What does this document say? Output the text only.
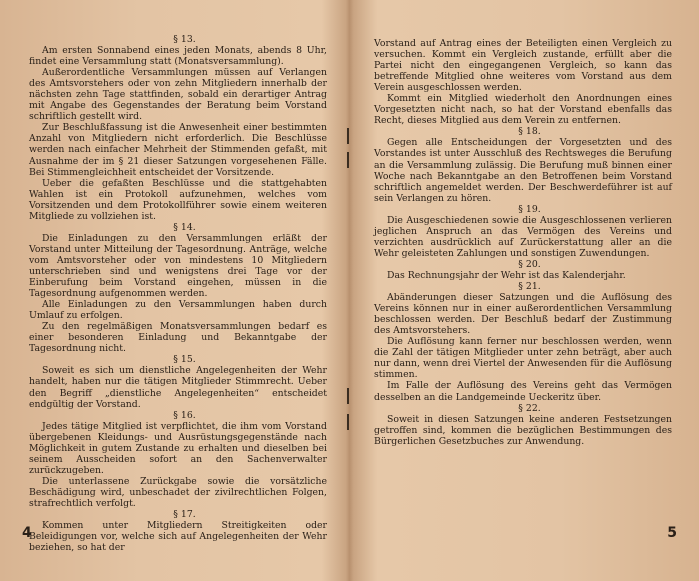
§ 13.

Am ersten Sonnabend eines jeden Monats, abends 8 Uhr, findet eine Versammlung statt (Monatsversammlung).

Außerordentliche Versammlungen müssen auf Verlangen des Amtsvorstehers oder von zehn Mitgliedern innerhalb der nächsten zehn Tage stattfinden, sobald ein derartiger Antrag mit Angabe des Gegenstandes der Beratung beim Vorstand schriftlich gestellt wird.

Zur Beschlußfassung ist die Anwesenheit einer bestimmten Anzahl von Mitgliedern nicht erforderlich. Die Beschlüsse werden nach einfacher Mehrheit der Stimmenden gefaßt, mit Ausnahme der im § 21 dieser Satzungen vorgesehenen Fälle. Bei Stimmengleichheit entscheidet der Vorsitzende.

Ueber die gefaßten Beschlüsse und die stattgehabten Wahlen ist ein Protokoll aufzunehmen, welches vom Vorsitzenden und dem Protokollführer sowie einem weiteren Mitgliede zu vollziehen ist.

§ 14.

Die Einladungen zu den Versammlungen erläßt der Vorstand unter Mitteilung der Tagesordnung. Anträge, welche vom Amtsvorsteher oder von mindestens 10 Mitgliedern unterschrieben sind und wenigstens drei Tage vor der Einberufung beim Vorstand eingehen, müssen in die Tagesordnung aufgenommen werden.

Alle Einladungen zu den Versammlungen haben durch Umlauf zu erfolgen.

Zu den regelmäßigen Monatsversammlungen bedarf es einer besonderen Einladung und Bekanntgabe der Tagesordnung nicht.

§ 15.

Soweit es sich um dienstliche Angelegenheiten der Wehr handelt, haben nur die tätigen Mitglieder Stimmrecht. Ueber den Begriff „dienstliche Angelegenheiten“ entscheidet endgültig der Vorstand.

§ 16.

Jedes tätige Mitglied ist verpflichtet, die ihm vom Vorstand übergebenen Kleidungs- und Ausrüstungsgegenstände nach Möglichkeit in gutem Zustande zu erhalten und dieselben bei seinem Ausscheiden sofort an den Sachenverwalter zurückzugeben.

Die unterlassene Zurückgabe sowie die vorsätzliche Beschädigung wird, unbeschadet der zivilrechtlichen Folgen, strafrechtlich verfolgt.

§ 17.

Kommen unter Mitgliedern Streitigkeiten oder Beleidigungen vor, welche sich auf Angelegenheiten der Wehr beziehen, so hat der

Vorstand auf Antrag eines der Beteiligten einen Vergleich zu versuchen. Kommt ein Vergleich zustande, erfüllt aber die Partei nicht den eingegangenen Vergleich, so kann das betreffende Mitglied ohne weiteres vom Vorstand aus dem Verein ausgeschlossen werden.

Kommt ein Mitglied wiederholt den Anordnungen eines Vorgesetzten nicht nach, so hat der Vorstand ebenfalls das Recht, dieses Mitglied aus dem Verein zu entfernen.

§ 18.

Gegen alle Entscheidungen der Vorgesetzten und des Vorstandes ist unter Ausschluß des Rechtsweges die Berufung an die Versammlung zulässig. Die Berufung muß binnen einer Woche nach Bekanntgabe an den Betroffenen beim Vorstand schriftlich angemeldet werden. Der Beschwerdeführer ist auf sein Verlangen zu hören.

§ 19.

Die Ausgeschiedenen sowie die Ausgeschlossenen verlieren jeglichen Anspruch an das Vermögen des Vereins und verzichten ausdrücklich auf Zurückerstattung aller an die Wehr geleisteten Zahlungen und sonstigen Zuwendungen.

§ 20.

Das Rechnungsjahr der Wehr ist das Kalenderjahr.

§ 21.

Abänderungen dieser Satzungen und die Auflösung des Vereins können nur in einer außerordentlichen Versammlung beschlossen werden. Der Beschluß bedarf der Zustimmung des Amtsvorstehers.

Die Auflösung kann ferner nur beschlossen werden, wenn die Zahl der tätigen Mitglieder unter zehn beträgt, aber auch nur dann, wenn drei Viertel der Anwesenden für die Auflösung stimmen.

Im Falle der Auflösung des Vereins geht das Vermögen desselben an die Landgemeinde Ueckeritz über.

§ 22.

Soweit in diesen Satzungen keine anderen Festsetzungen getroffen sind, kommen die bezüglichen Bestimmungen des Bürgerlichen Gesetzbuches zur Anwendung.

4	5
